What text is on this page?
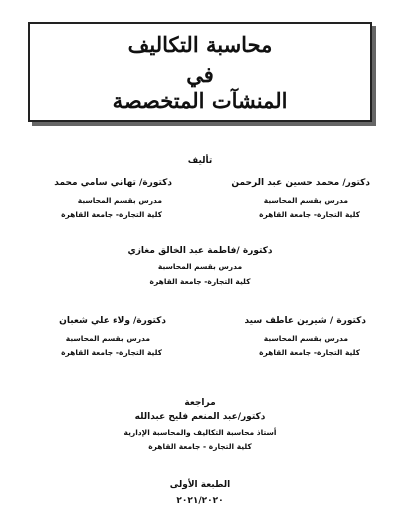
محاسبة التكاليف
في
المنشآت المتخصصة
تأليف
دكتور/ محمد حسين عبد الرحمن
مدرس بقسم المحاسبة
كلية التجارة- جامعة القاهرة
دكتورة/ تهاني سامي محمد
مدرس بقسم المحاسبة
كلية التجارة- جامعة القاهرة
دكتورة /فاطمة عبد الخالق مغازي
مدرس بقسم المحاسبة
كلية التجارة- جامعة القاهرة
دكتورة / شيرين عاطف سيد
مدرس بقسم المحاسبة
كلية التجارة- جامعة القاهرة
دكتورة/ ولاء علي شعبان
مدرس بقسم المحاسبة
كلية التجارة- جامعة القاهرة
مراجعة
دكتور/عبد المنعم فليح عبدالله
أستاذ محاسبة التكاليف والمحاسبة الإدارية
كلية التجارة - جامعة القاهرة
الطبعة الأولى
٢٠٢١/٢٠٢٠
